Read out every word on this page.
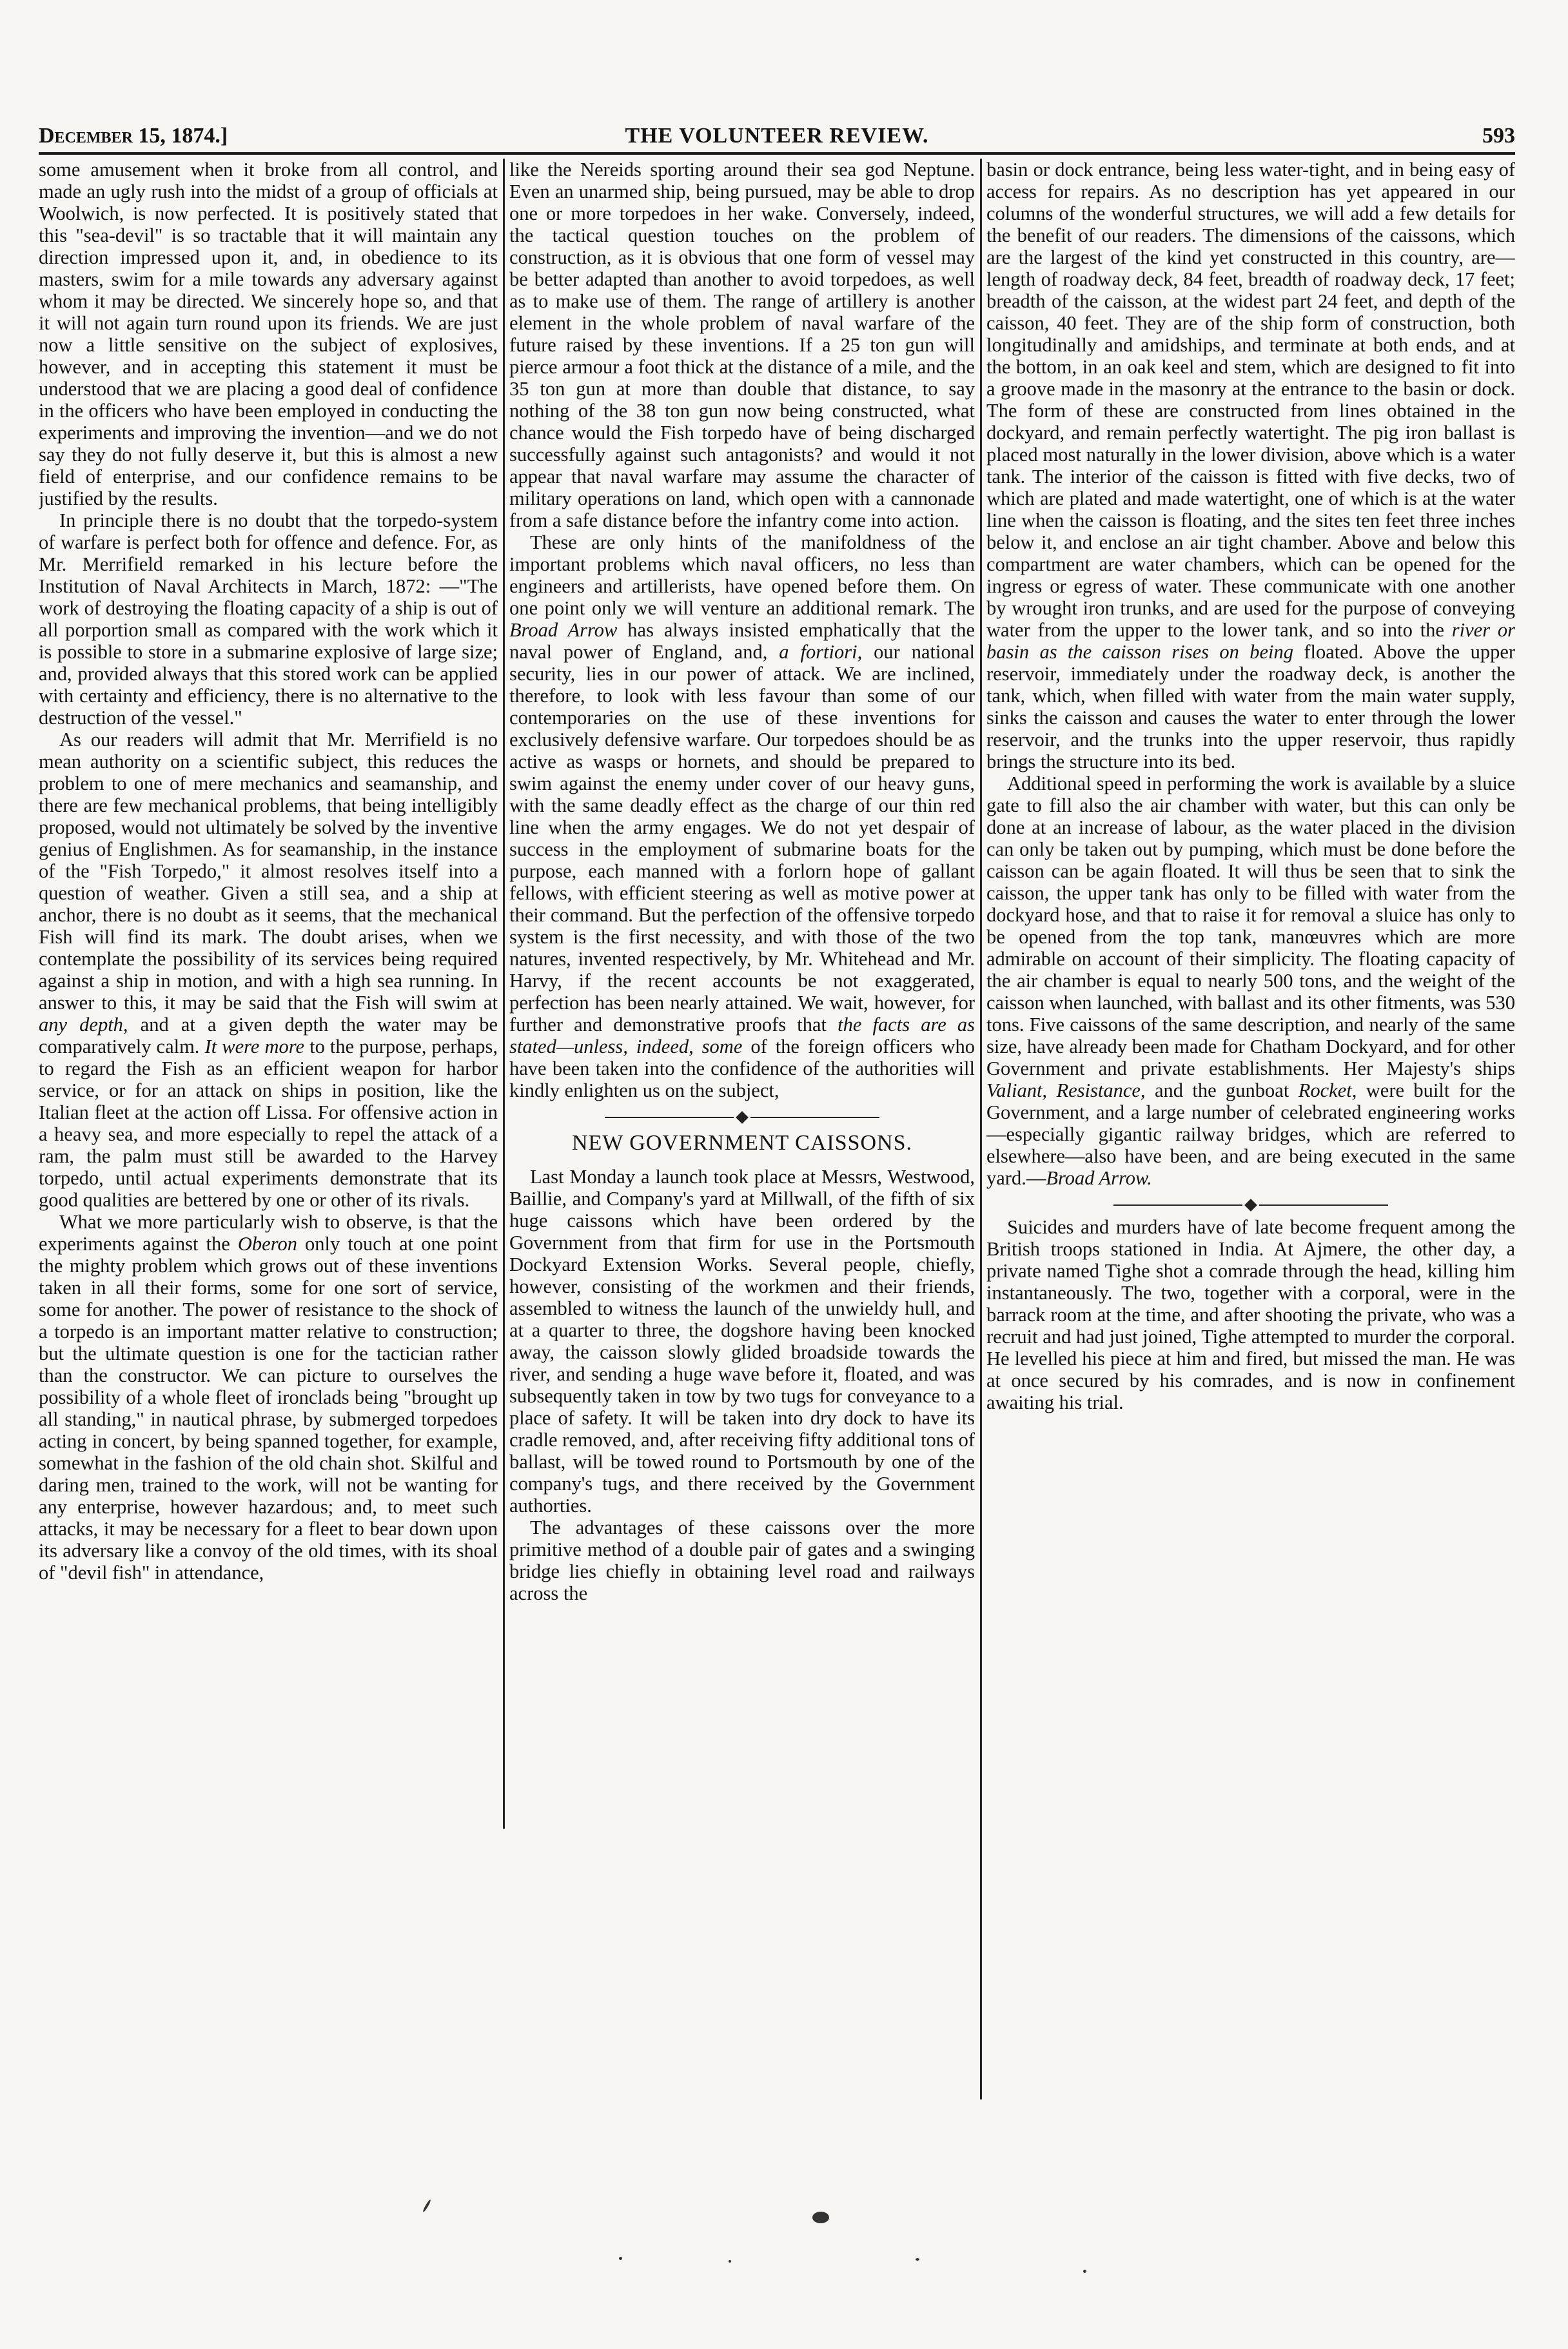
December 15, 1874.]	THE VOLUNTEER REVIEW.	593

some amusement when it broke from all control, and made an ugly rush into the midst of a group of officials at Woolwich, is now perfected. It is positively stated that this "sea-devil" is so tractable that it will maintain any direction impressed upon it, and, in obedience to its masters, swim for a mile towards any adversary against whom it may be directed. We sincerely hope so, and that it will not again turn round upon its friends. We are just now a little sensitive on the subject of explosives, however, and in accepting this statement it must be understood that we are placing a good deal of confidence in the officers who have been employed in conducting the experiments and improving the invention—and we do not say they do not fully deserve it, but this is almost a new field of enterprise, and our confidence remains to be justified by the results.

In principle there is no doubt that the torpedo-system of warfare is perfect both for offence and defence. For, as Mr. Merrifield remarked in his lecture before the Institution of Naval Architects in March, 1872: —"The work of destroying the floating capacity of a ship is out of all porportion small as compared with the work which it is possible to store in a submarine explosive of large size; and, provided always that this stored work can be applied with certainty and efficiency, there is no alternative to the destruction of the vessel."

As our readers will admit that Mr. Merrifield is no mean authority on a scientific subject, this reduces the problem to one of mere mechanics and seamanship, and there are few mechanical problems, that being intelligibly proposed, would not ultimately be solved by the inventive genius of Englishmen. As for seamanship, in the instance of the "Fish Torpedo," it almost resolves itself into a question of weather. Given a still sea, and a ship at anchor, there is no doubt as it seems, that the mechanical Fish will find its mark. The doubt arises, when we contemplate the possibility of its services being required against a ship in motion, and with a high sea running. In answer to this, it may be said that the Fish will swim at any depth, and at a given depth the water may be comparatively calm. It were more to the purpose, perhaps, to regard the Fish as an efficient weapon for harbor service, or for an attack on ships in position, like the Italian fleet at the action off Lissa. For offensive action in a heavy sea, and more especially to repel the attack of a ram, the palm must still be awarded to the Harvey torpedo, until actual experiments demonstrate that its good qualities are bettered by one or other of its rivals.

What we more particularly wish to observe, is that the experiments against the Oberon only touch at one point the mighty problem which grows out of these inventions taken in all their forms, some for one sort of service, some for another. The power of resistance to the shock of a torpedo is an important matter relative to construction; but the ultimate question is one for the tactician rather than the constructor. We can picture to ourselves the possibility of a whole fleet of ironclads being "brought up all standing," in nautical phrase, by submerged torpedoes acting in concert, by being spanned together, for example, somewhat in the fashion of the old chain shot. Skilful and daring men, trained to the work, will not be wanting for any enterprise, however hazardous; and, to meet such attacks, it may be necessary for a fleet to bear down upon its adversary like a convoy of the old times, with its shoal of "devil fish" in attendance,

like the Nereids sporting around their sea god Neptune. Even an unarmed ship, being pursued, may be able to drop one or more torpedoes in her wake. Conversely, indeed, the tactical question touches on the problem of construction, as it is obvious that one form of vessel may be better adapted than another to avoid torpedoes, as well as to make use of them. The range of artillery is another element in the whole problem of naval warfare of the future raised by these inventions. If a 25 ton gun will pierce armour a foot thick at the distance of a mile, and the 35 ton gun at more than double that distance, to say nothing of the 38 ton gun now being constructed, what chance would the Fish torpedo have of being discharged successfully against such antagonists? and would it not appear that naval warfare may assume the character of military operations on land, which open with a cannonade from a safe distance before the infantry come into action.

These are only hints of the manifoldness of the important problems which naval officers, no less than engineers and artillerists, have opened before them. On one point only we will venture an additional remark. The Broad Arrow has always insisted emphatically that the naval power of England, and, a fortiori, our national security, lies in our power of attack. We are inclined, therefore, to look with less favour than some of our contemporaries on the use of these inventions for exclusively defensive warfare. Our torpedoes should be as active as wasps or hornets, and should be prepared to swim against the enemy under cover of our heavy guns, with the same deadly effect as the charge of our thin red line when the army engages. We do not yet despair of success in the employment of submarine boats for the purpose, each manned with a forlorn hope of gallant fellows, with efficient steering as well as motive power at their command. But the perfection of the offensive torpedo system is the first necessity, and with those of the two natures, invented respectively, by Mr. Whitehead and Mr. Harvy, if the recent accounts be not exaggerated, perfection has been nearly attained. We wait, however, for further and demonstrative proofs that the facts are as stated—unless, indeed, some of the foreign officers who have been taken into the confidence of the authorities will kindly enlighten us on the subject,

NEW GOVERNMENT CAISSONS.

Last Monday a launch took place at Messrs, Westwood, Baillie, and Company's yard at Millwall, of the fifth of six huge caissons which have been ordered by the Government from that firm for use in the Portsmouth Dockyard Extension Works. Several people, chiefly, however, consisting of the workmen and their friends, assembled to witness the launch of the unwieldy hull, and at a quarter to three, the dogshore having been knocked away, the caisson slowly glided broadside towards the river, and sending a huge wave before it, floated, and was subsequently taken in tow by two tugs for conveyance to a place of safety. It will be taken into dry dock to have its cradle removed, and, after receiving fifty additional tons of ballast, will be towed round to Portsmouth by one of the company's tugs, and there received by the Government authorties.

The advantages of these caissons over the more primitive method of a double pair of gates and a swinging bridge lies chiefly in obtaining level road and railways across the

basin or dock entrance, being less water-tight, and in being easy of access for repairs. As no description has yet appeared in our columns of the wonderful structures, we will add a few details for the benefit of our readers. The dimensions of the caissons, which are the largest of the kind yet constructed in this country, are—length of roadway deck, 84 feet, breadth of roadway deck, 17 feet; breadth of the caisson, at the widest part 24 feet, and depth of the caisson, 40 feet. They are of the ship form of construction, both longitudinally and amidships, and terminate at both ends, and at the bottom, in an oak keel and stem, which are designed to fit into a groove made in the masonry at the entrance to the basin or dock. The form of these are constructed from lines obtained in the dockyard, and remain perfectly watertight. The pig iron ballast is placed most naturally in the lower division, above which is a water tank. The interior of the caisson is fitted with five decks, two of which are plated and made watertight, one of which is at the water line when the caisson is floating, and the sites ten feet three inches below it, and enclose an air tight chamber. Above and below this compartment are water chambers, which can be opened for the ingress or egress of water. These communicate with one another by wrought iron trunks, and are used for the purpose of conveying water from the upper to the lower tank, and so into the river or basin as the caisson rises on being floated. Above the upper reservoir, immediately under the roadway deck, is another the tank, which, when filled with water from the main water supply, sinks the caisson and causes the water to enter through the lower reservoir, and the trunks into the upper reservoir, thus rapidly brings the structure into its bed.

Additional speed in performing the work is available by a sluice gate to fill also the air chamber with water, but this can only be done at an increase of labour, as the water placed in the division can only be taken out by pumping, which must be done before the caisson can be again floated. It will thus be seen that to sink the caisson, the upper tank has only to be filled with water from the dockyard hose, and that to raise it for removal a sluice has only to be opened from the top tank, manœuvres which are more admirable on account of their simplicity. The floating capacity of the air chamber is equal to nearly 500 tons, and the weight of the caisson when launched, with ballast and its other fitments, was 530 tons. Five caissons of the same description, and nearly of the same size, have already been made for Chatham Dockyard, and for other Government and private establishments. Her Majesty's ships Valiant, Resistance, and the gunboat Rocket, were built for the Government, and a large number of celebrated engineering works—especially gigantic railway bridges, which are referred to elsewhere—also have been, and are being executed in the same yard.—Broad Arrow.

Suicides and murders have of late become frequent among the British troops stationed in India. At Ajmere, the other day, a private named Tighe shot a comrade through the head, killing him instantaneously. The two, together with a corporal, were in the barrack room at the time, and after shooting the private, who was a recruit and had just joined, Tighe attempted to murder the corporal. He levelled his piece at him and fired, but missed the man. He was at once secured by his comrades, and is now in confinement awaiting his trial.
